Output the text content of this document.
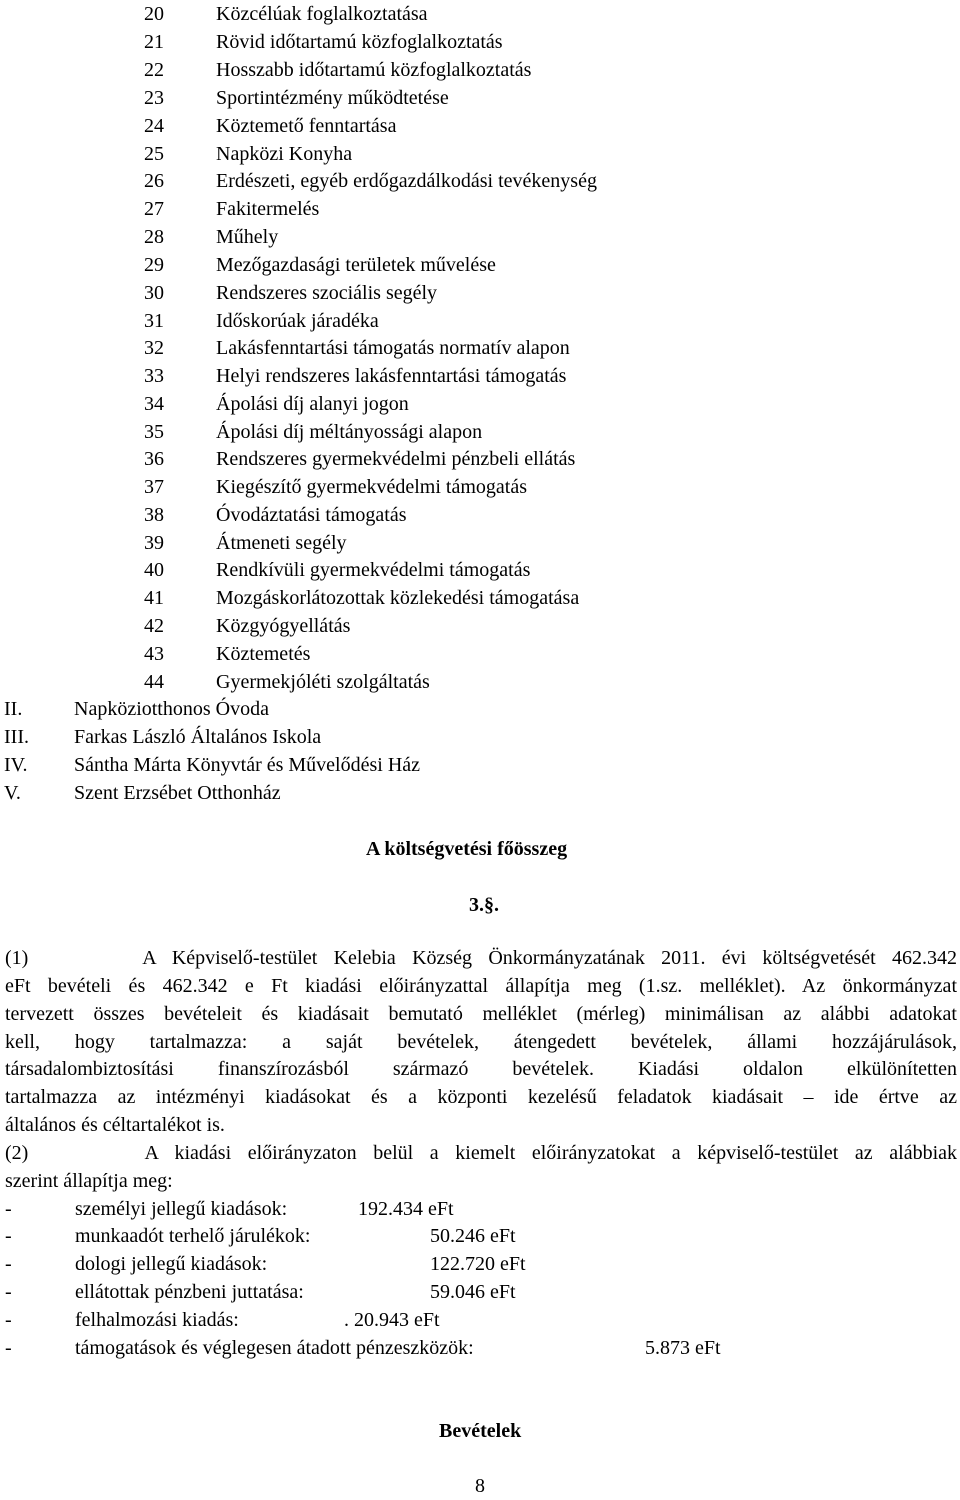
20	Közcélúak foglalkoztatása
21	Rövid időtartamú közfoglalkoztatás
22	Hosszabb időtartamú közfoglalkoztatás
23	Sportintézmény működtetése
24	Köztemető fenntartása
25	Napközi Konyha
26	Erdészeti, egyéb erdőgazdálkodási tevékenység
27	Fakitermelés
28	Műhely
29	Mezőgazdasági területek művelése
30	Rendszeres szociális segély
31	Időskorúak járadéka
32	Lakásfenntartási támogatás normatív alapon
33	Helyi rendszeres lakásfenntartási támogatás
34	Ápolási díj alanyi jogon
35	Ápolási díj méltányossági alapon
36	Rendszeres gyermekvédelmi pénzbeli ellátás
37	Kiegészítő gyermekvédelmi támogatás
38	Óvodáztatási támogatás
39	Átmeneti segély
40	Rendkívüli gyermekvédelmi támogatás
41	Mozgáskorlátozottak közlekedési támogatása
42	Közgyógyellátás
43	Köztemetés
44	Gyermekjóléti szolgáltatás
II.	Napköziotthonos Óvoda
III. Farkas László Általános Iskola
IV. Sántha Márta Könyvtár és Művelődési Ház
V.	Szent Erzsébet Otthonház
A költségvetési főösszeg
3.§.
(1)       A Képviselő-testület Kelebia Község Önkormányzatának 2011. évi költségvetését 462.342
eFt bevételi és 462.342 e Ft kiadási előirányzattal állapítja meg (1.sz. melléklet). Az önkormányzat
tervezett összes bevételeit és kiadásait bemutató melléklet (mérleg) minimálisan az alábbi adatokat
kell, hogy tartalmazza: a saját bevételek, átengedett bevételek, állami hozzájárulások,
társadalombiztosítási finanszírozásból származó bevételek. Kiadási oldalon elkülönítetten
tartalmazza az intézményi kiadásokat és a központi kezelésű feladatok kiadásait – ide értve az
általános és céltartalékot is.
(2)       A kiadási előirányzaton belül a kiemelt előirányzatokat a képviselő-testület az alábbiak
szerint állapítja meg:
-	személyi jellegű kiadások:	192.434 eFt
-	munkaadót terhelő járulékok:	50.246 eFt
-	dologi jellegű kiadások:	122.720 eFt
-	ellátottak pénzbeni juttatása:	59.046 eFt
-	felhalmozási kiadás:	. 20.943 eFt
-	támogatások és véglegesen átadott pénzeszközök:	5.873 eFt
Bevételek
8
